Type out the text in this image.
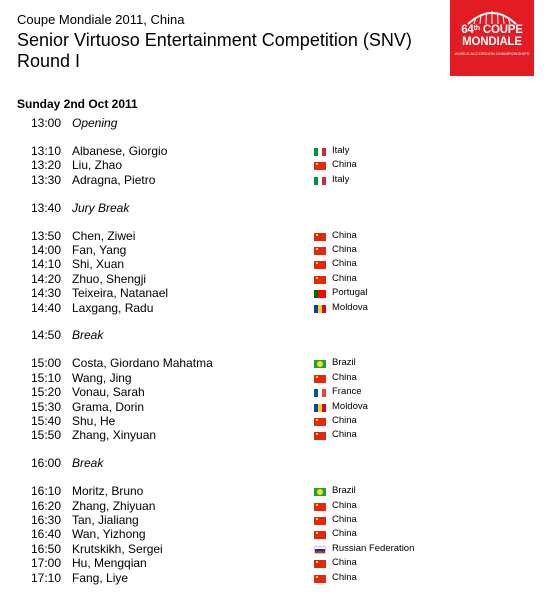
Coupe Mondiale 2011, China
Senior Virtuoso Entertainment Competition (SNV)
Round I
64th COUPE
MONDIALE
WORLD ACCORDION CHAMPIONSHIPS
Sunday 2nd Oct 2011
13:00 Opening
13:10 Albanese, Giorgio	Italy
13:20 Liu, Zhao	China
13:30 Adragna, Pietro	Italy
13:40 Jury Break
13:50 Chen, Ziwei	China
14:00 Fan, Yang	China
14:10 Shi, Xuan	China
14:20 Zhuo, Shengji	China
14:30 Teixeira, Natanael	Portugal
14:40 Laxgang, Radu	Moldova
14:50 Break
15:00 Costa, Giordano Mahatma	Brazil
15:10 Wang, Jing	China
15:20 Vonau, Sarah	France
15:30 Grama, Dorin	Moldova
15:40 Shu, He	China
15:50 Zhang, Xinyuan	China
16:00 Break
16:10 Moritz, Bruno	Brazil
16:20 Zhang, Zhiyuan	China
16:30 Tan, Jialiang	China
16:40 Wan, Yizhong	China
16:50 Krutskikh, Sergei	Russian Federation
17:00 Hu, Mengqian	China
17:10 Fang, Liye	China
